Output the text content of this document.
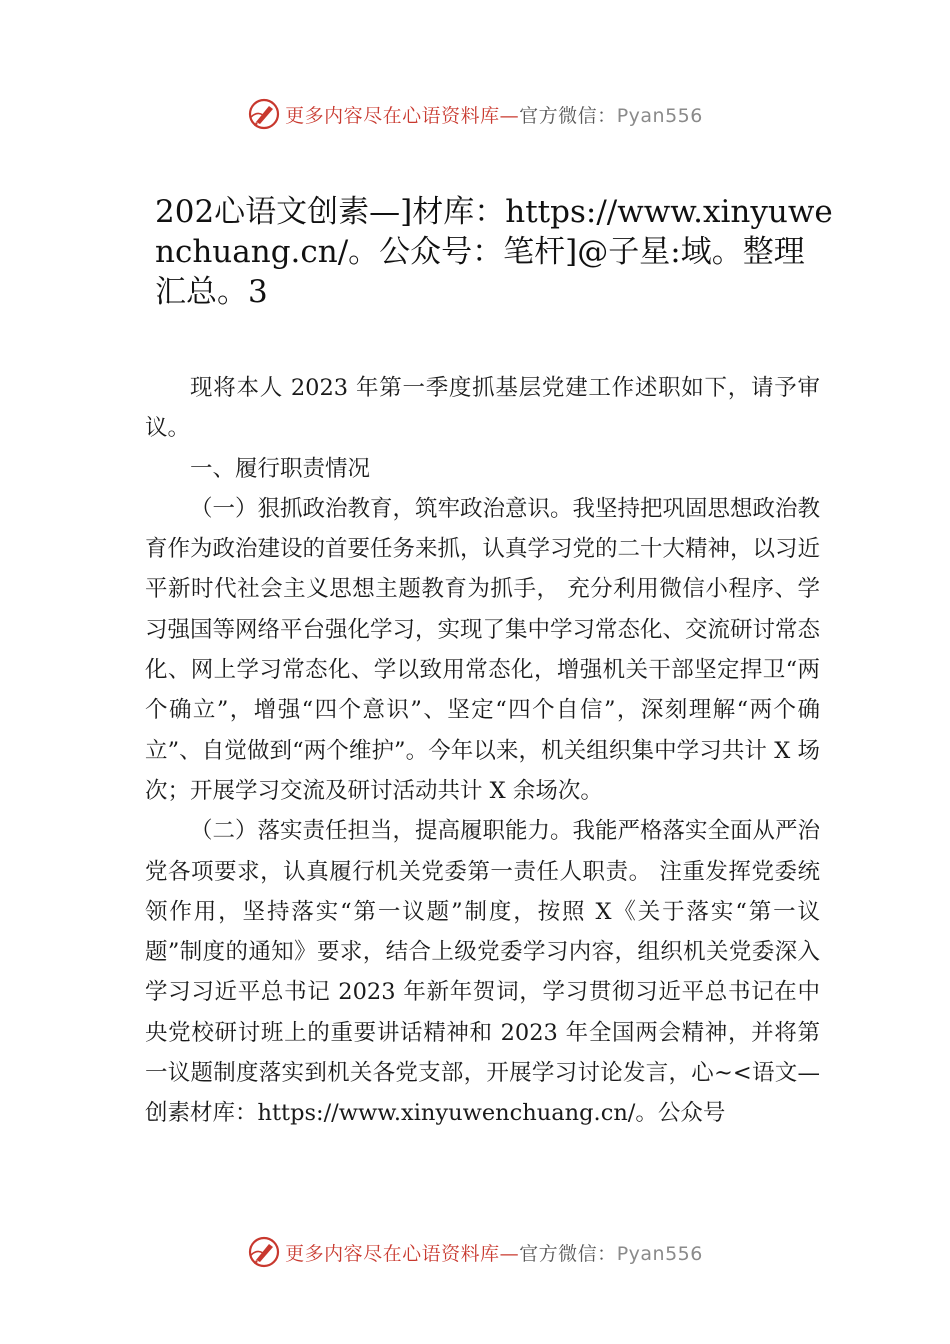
更多内容尽在心语资料库—官方微信：Pyan556
202心语文创素—]材库：https://www.xinyuwenchuang.cn/。公众号：笔杆]@子星:域。整理汇总。3

现将本人 2023 年第一季度抓基层党建工作述职如下，请予审议。

一、履行职责情况

（一）狠抓政治教育，筑牢政治意识。我坚持把巩固思想政治教育作为政治建设的首要任务来抓，认真学习党的二十大精神，以习近平新时代社会主义思想主题教育为抓手， 充分利用微信小程序、学习强国等网络平台强化学习，实现了集中学习常态化、交流研讨常态化、网上学习常态化、学以致用常态化，增强机关干部坚定捍卫“两个确立”，增强“四个意识”、坚定“四个自信”，深刻理解“两个确立”、自觉做到“两个维护”。今年以来，机关组织集中学习共计 X 场次；开展学习交流及研讨活动共计 X 余场次。

（二）落实责任担当，提高履职能力。我能严格落实全面从严治党各项要求，认真履行机关党委第一责任人职责。 注重发挥党委统领作用，坚持落实“第一议题”制度，按照 X《关于落实“第一议题”制度的通知》要求，结合上级党委学习内容，组织机关党委深入学习习近平总书记 2023 年新年贺词，学习贯彻习近平总书记在中央党校研讨班上的重要讲话精神和 2023 年全国两会精神，并将第一议题制度落实到机关各党支部，开展学习讨论发言，心~<语文—创素材库：https://www.xinyuwenchuang.cn/。公众号

更多内容尽在心语资料库—官方微信：Pyan556
